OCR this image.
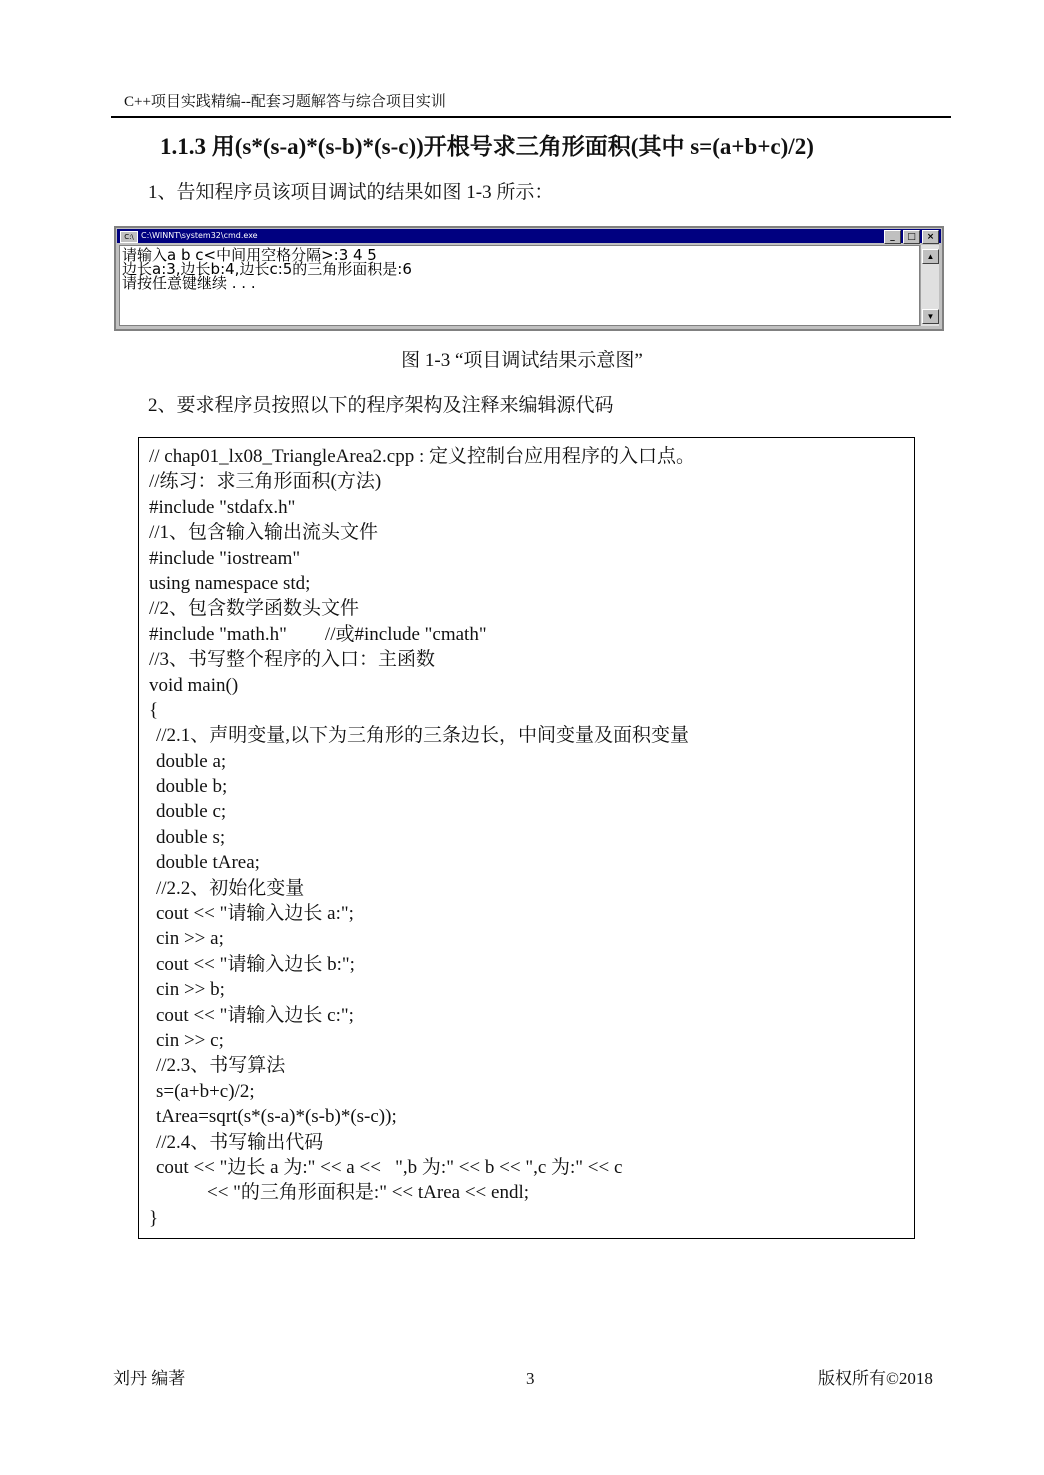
C++项目实践精编--配套习题解答与综合项目实训
1.1.3 用(s*(s-a)*(s-b)*(s-c))开根号求三角形面积(其中 s=(a+b+c)/2)
1、告知程序员该项目调试的结果如图 1-3 所示：
C:\ C:\WINNT\system32\cmd.exe	_	□	×
请输入a b c<中间用空格分隔>:3 4 5
边长a:3,边长b:4,边长c:5的三角形面积是:6
请按任意键继续 . . .
▲
▼
图 1-3 “项目调试结果示意图”
2、要求程序员按照以下的程序架构及注释来编辑源代码
// chap01_lx08_TriangleArea2.cpp : 定义控制台应用程序的入口点。
//练习：求三角形面积(方法)
#include "stdafx.h"
//1、包含输入输出流头文件
#include "iostream"
using namespace std;
//2、包含数学函数头文件
#include "math.h"        //或#include "cmath"
//3、书写整个程序的入口：主函数
void main()
{
//2.1、声明变量,以下为三角形的三条边长，中间变量及面积变量
double a;
double b;
double c;
double s;
double tArea;
//2.2、初始化变量
cout << "请输入边长 a:";
cin >> a;
cout << "请输入边长 b:";
cin >> b;
cout << "请输入边长 c:";
cin >> c;
//2.3、书写算法
s=(a+b+c)/2;
tArea=sqrt(s*(s-a)*(s-b)*(s-c));
//2.4、书写输出代码
cout << "边长 a 为:" << a <<   ",b 为:" << b << ",c 为:" << c
<< "的三角形面积是:" << tArea << endl;
}
刘丹 编著	3	版权所有©2018
